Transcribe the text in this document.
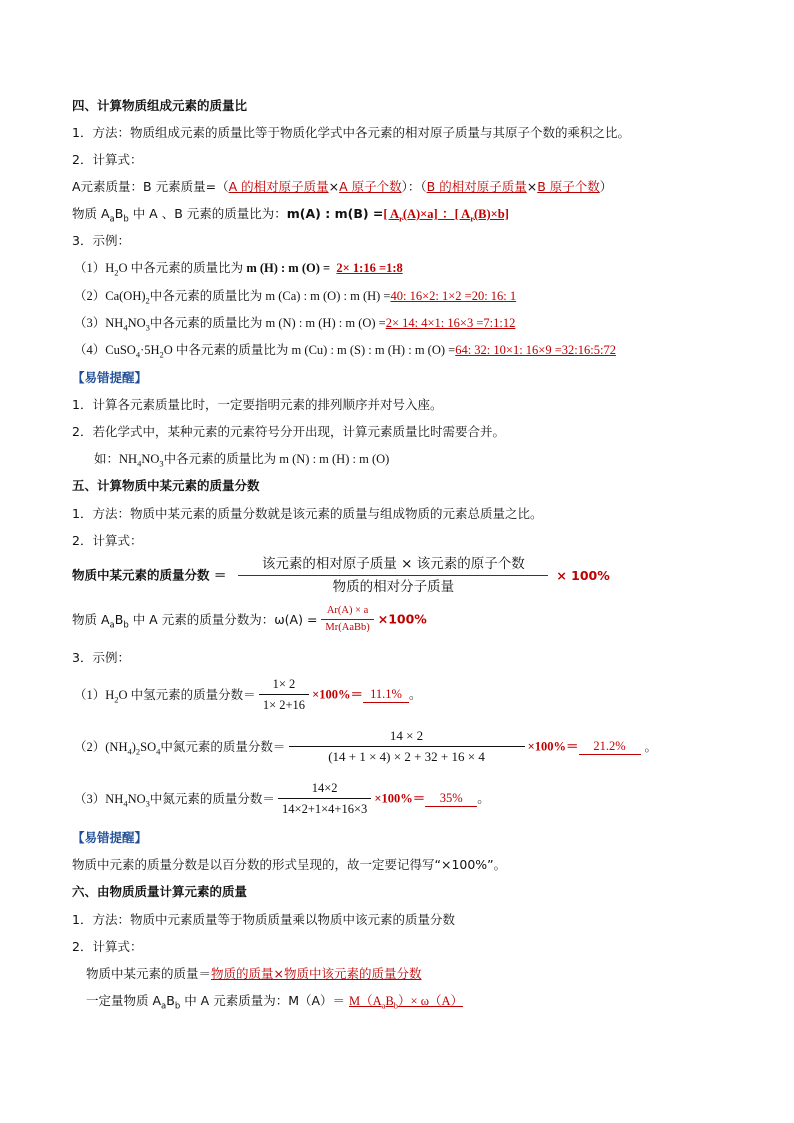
四、计算物质组成元素的质量比
1．方法：物质组成元素的质量比等于物质化学式中各元素的相对原子质量与其原子个数的乘积之比。
2．计算式：
A元素质量：B 元素质量=（A 的相对原子质量×A 原子个数）：（B 的相对原子质量×B 原子个数）
物质 $A_aB_b$ 中 A 、B 元素的质量比为：m(A) : m(B) =[ $A_r(A)\times a$] ：[ $A_r(B)\times b$]
3．示例：
$(1)H_2O$ 中各元素的质量比为 m (H) : m (O) =  2× 1:16 =1:8
$(2)Ca(OH)_2$中各元素的质量比为 m (Ca) : m (O) : m (H) =40: 16×2: 1×2 =20: 16: 1
$(3)NH_4NO_3$中各元素的质量比为 m (N) : m (H) : m (O) =2× 14: 4×1: 16×3 =7:1:12
$(4)CuSO_4\cdot 5H_2O$ 中各元素的质量比为 m (Cu) : m (S) : m (H) : m (O) =64: 32: 10×1: 16×9 =32:16:5:72
【易错提醒】
1．计算各元素质量比时，一定要指明元素的排列顺序并对号入座。
2．若化学式中，某种元素的元素符号分开出现，计算元素质量比时需要合并。
如：$NH_4NO_3$中各元素的质量比为 m (N) : m (H) : m (O)
五、计算物质中某元素的质量分数
1．方法：物质中某元素的质量分数就是该元素的质量与组成物质的元素总质量之比。
2．计算式：
物质中某元素的质量分数 ＝ $\frac{\text{该元素的相对原子质量 × 该元素的原子个数}}{\text{物质的相对分子质量}} \times 100\%$
物质 $A_aB_b$ 中 A 元素的质量分数为：$\omega(A) = \frac{Ar(A) \times a}{\text{Mr(AaBb)}} \times 100\%$
3．示例：
$(1)H_2O$ 中氢元素的质量分数＝ $\frac{1\times 2}{1\times 2+16} \times 100\%= 11.1\%$ 。
$(2)(NH_4)_2SO_4$中氮元素的质量分数＝ $\frac{14 \times 2}{(14 + 1 \times 4) \times 2 + 32 + 16 \times 4} \times 100\%= 21.2\%$ 。
$(3)NH_4NO_3$中氮元素的质量分数＝ $\frac{14\times 2}{14\times 2+1\times 4+16\times 3} \times 100\%= 35\%$ 。
【易错提醒】
物质中元素的质量分数是以百分数的形式呈现的，故一定要记得写“×100%”。
六、由物质质量计算元素的质量
1．方法：物质中元素质量等于物质质量乘以物质中该元素的质量分数
2．计算式：
物质中某元素的质量＝物质的质量×物质中该元素的质量分数
一定量物质 $A_aB_b$ 中 A 元素质量为：$M(A)= M(A_aB_b)\times \omega(A)$
